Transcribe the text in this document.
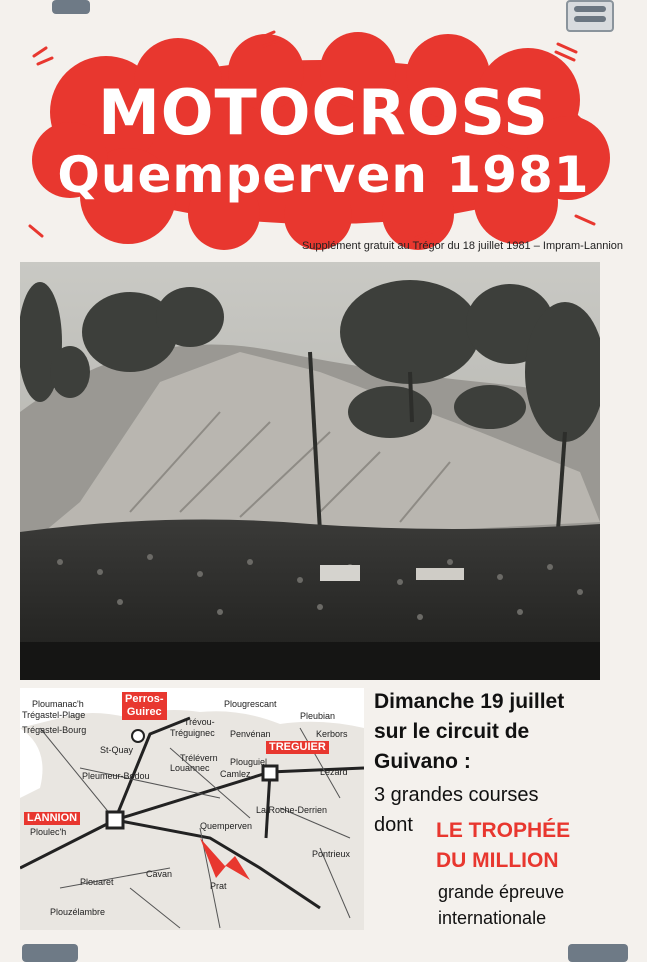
MOTOCROSS
Quemperven 1981
Supplément gratuit au Trégor du 18 juillet 1981 – Impram-Lannion
Ploumanac'h
Trégastel-Plage
Trégastel-Bourg
Perros-
Guirec
Plougrescant
Pleubian
Trévou-
Tréguignec Penvénan	Kerbors
TREGUIER
St-Quay
Pleumeur-Bodou
Trélévern
Louannec
Plouguiel
Camlez	Lézard
LANNION
Ploulec'h
La Roche-Derrien
Quemperven
Cavan
Pontrieux
Prat
Plouaret
Plouzélambre
Dimanche 19 juillet
sur le circuit de
Guivano :
3 grandes courses
dont LE TROPHÉE
DU MILLION
grande épreuve
internationale
